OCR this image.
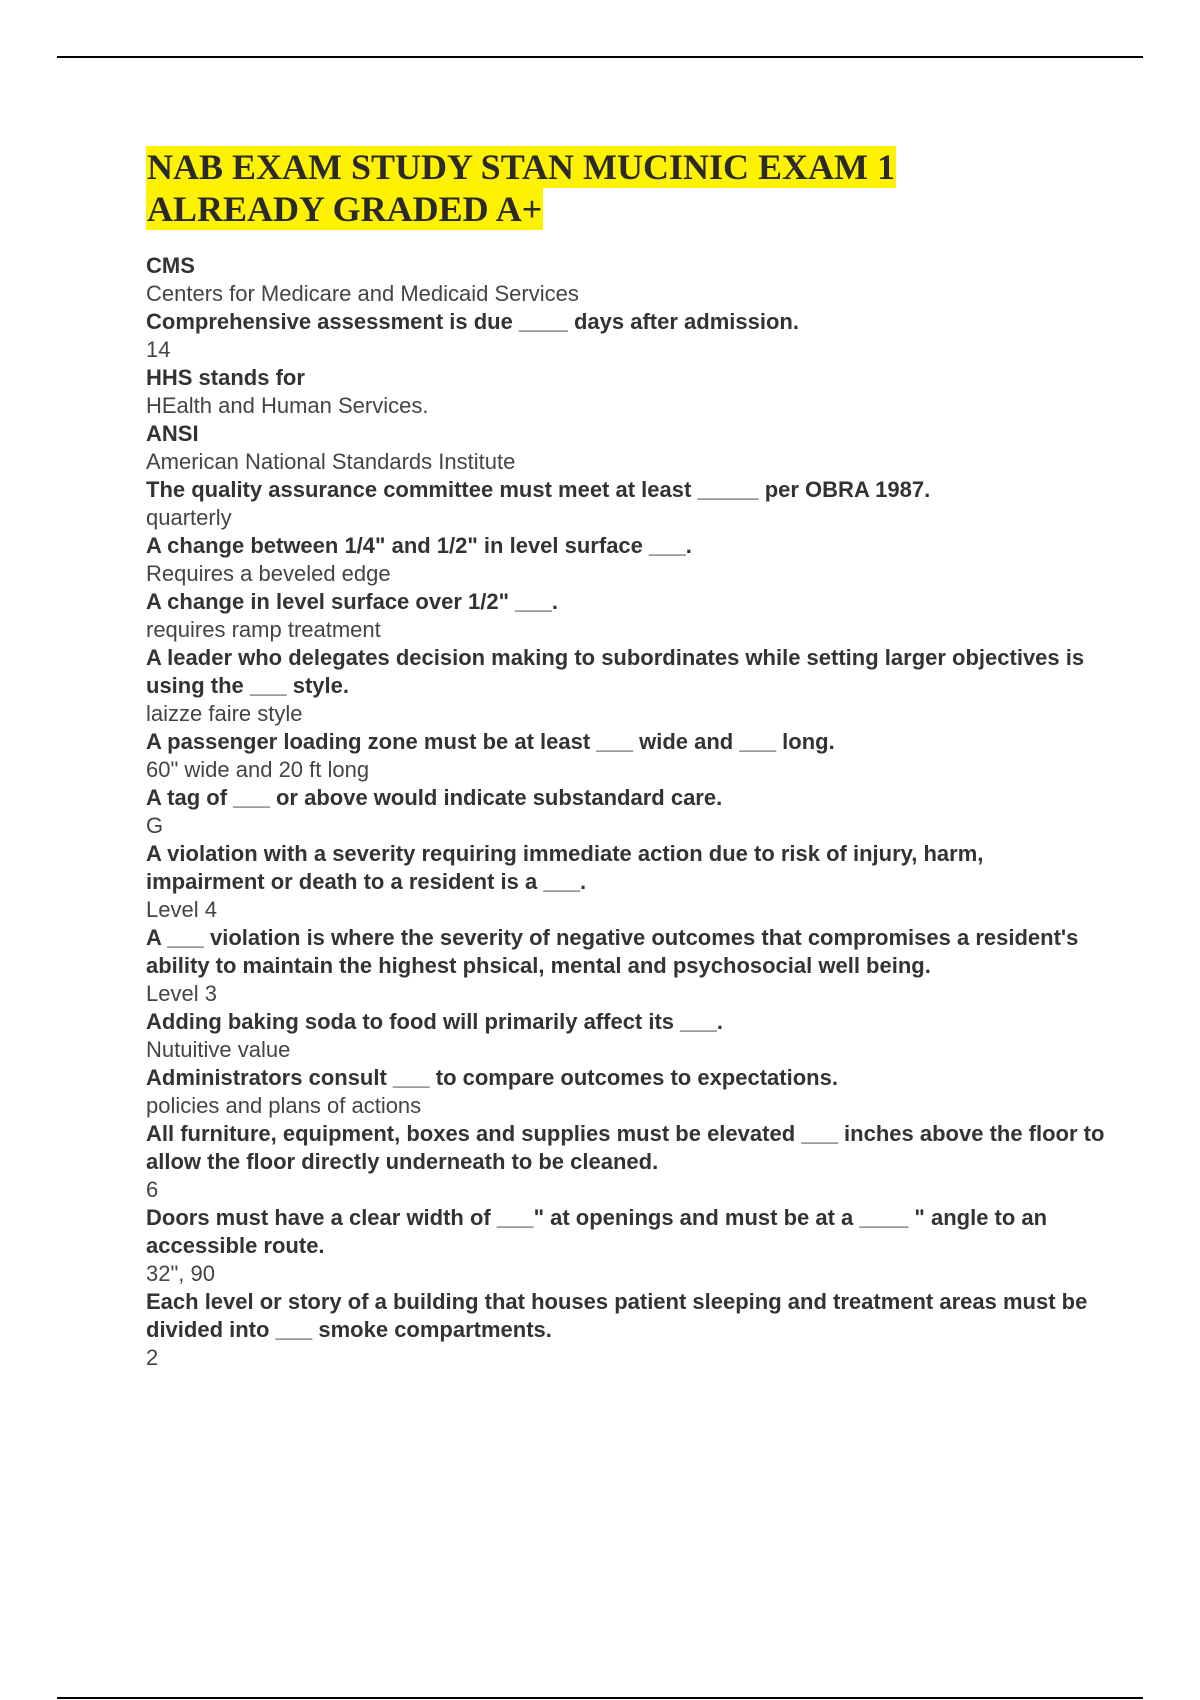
NAB EXAM STUDY STAN MUCINIC EXAM 1
ALREADY GRADED A+
CMS
Centers for Medicare and Medicaid Services
Comprehensive assessment is due ____ days after admission.
14
HHS stands for
HEalth and Human Services.
ANSI
American National Standards Institute
The quality assurance committee must meet at least _____ per OBRA 1987.
quarterly
A change between 1/4" and 1/2" in level surface ___.
Requires a beveled edge
A change in level surface over 1/2" ___.
requires ramp treatment
A leader who delegates decision making to subordinates while setting larger objectives is using the ___ style.
laizze faire style
A passenger loading zone must be at least ___ wide and ___ long.
60" wide and 20 ft long
A tag of ___ or above would indicate substandard care.
G
A violation with a severity requiring immediate action due to risk of injury, harm, impairment or death to a resident is a ___.
Level 4
A ___ violation is where the severity of negative outcomes that compromises a resident's ability to maintain the highest phsical, mental and psychosocial well being.
Level 3
Adding baking soda to food will primarily affect its ___.
Nutuitive value
Administrators consult ___ to compare outcomes to expectations.
policies and plans of actions
All furniture, equipment, boxes and supplies must be elevated ___ inches above the floor to allow the floor directly underneath to be cleaned.
6
Doors must have a clear width of ___" at openings and must be at a ____ " angle to an accessible route.
32", 90
Each level or story of a building that houses patient sleeping and treatment areas must be divided into ___ smoke compartments.
2
